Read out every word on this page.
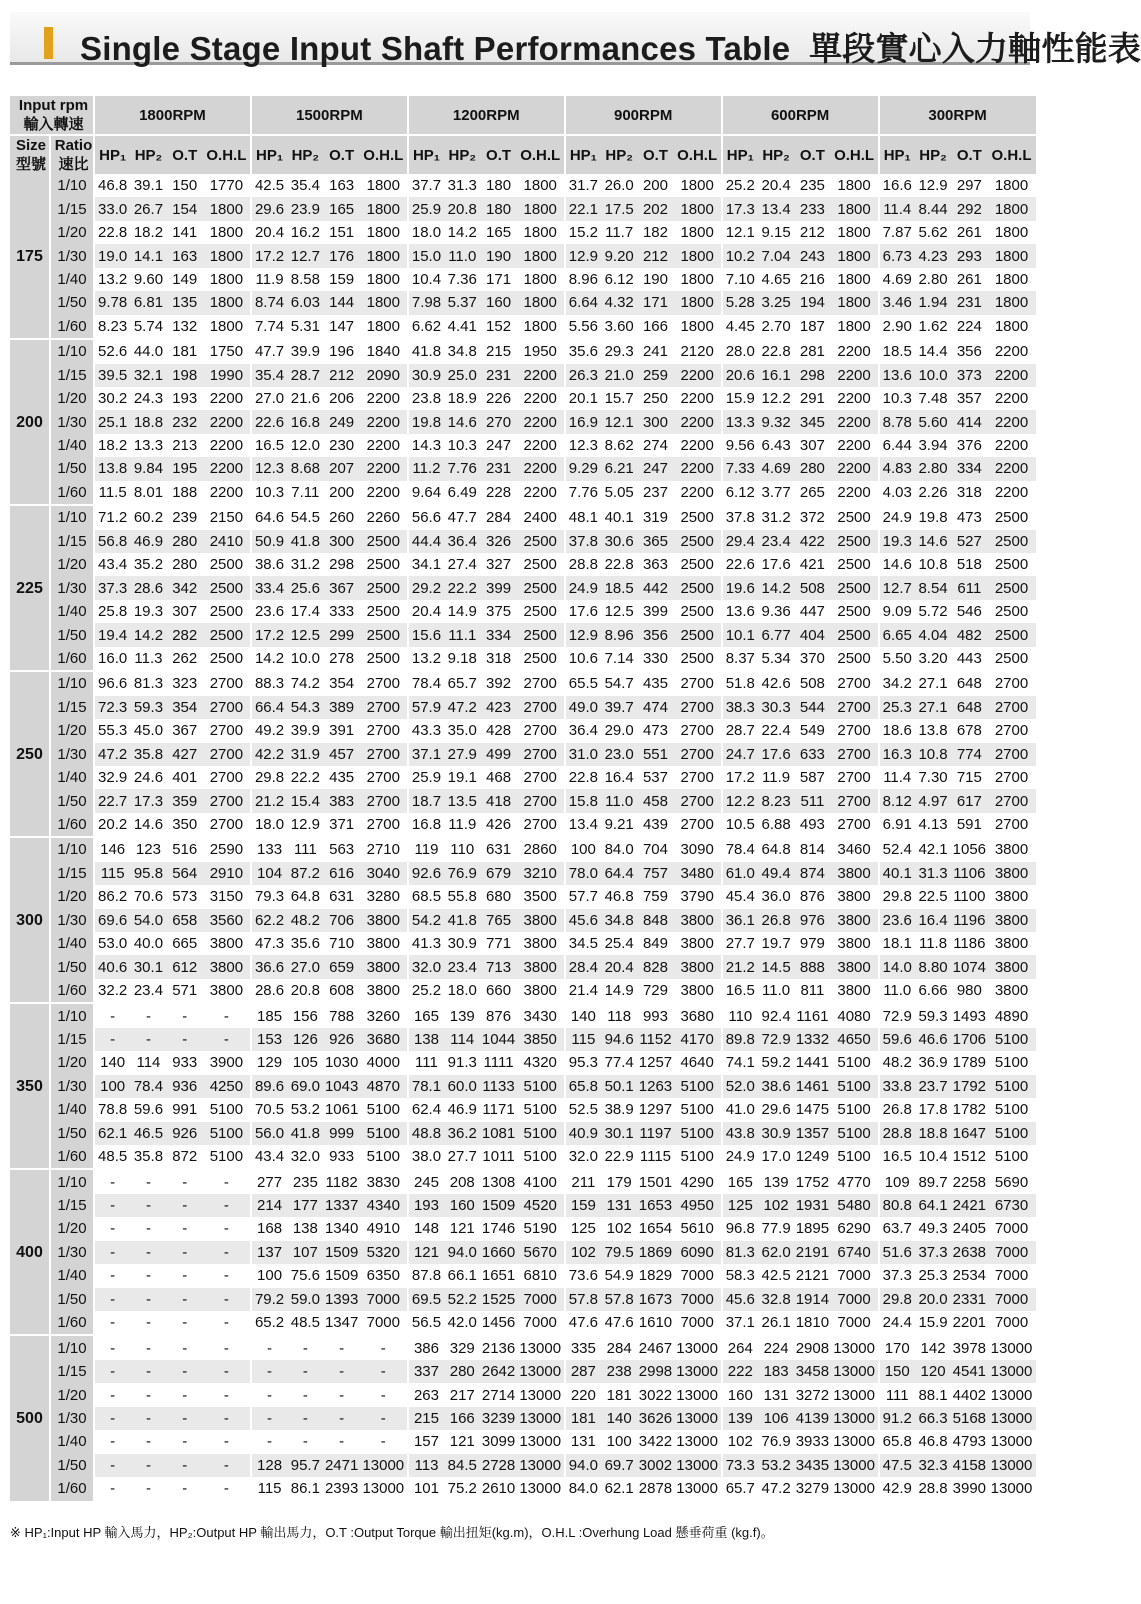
Single Stage Input Shaft Performances Table 單段實心入力軸性能表
Input rpm
輸入轉速		1800RPM				1500RPM				1200RPM				900RPM				600RPM				300RPM			
Size
型號	Ratio
速比	HP₁	HP₂	O.T	O.H.L	HP₁	HP₂	O.T	O.H.L	HP₁	HP₂	O.T	O.H.L	HP₁	HP₂	O.T	O.H.L	HP₁	HP₂	O.T	O.H.L	HP₁	HP₂	O.T	O.H.L
175	1/10	46.8	39.1	150	1770	42.5	35.4	163	1800	37.7	31.3	180	1800	31.7	26.0	200	1800	25.2	20.4	235	1800	16.6	12.9	297	1800
	1/15	33.0	26.7	154	1800	29.6	23.9	165	1800	25.9	20.8	180	1800	22.1	17.5	202	1800	17.3	13.4	233	1800	11.4	8.44	292	1800
	1/20	22.8	18.2	141	1800	20.4	16.2	151	1800	18.0	14.2	165	1800	15.2	11.7	182	1800	12.1	9.15	212	1800	7.87	5.62	261	1800
	1/30	19.0	14.1	163	1800	17.2	12.7	176	1800	15.0	11.0	190	1800	12.9	9.20	212	1800	10.2	7.04	243	1800	6.73	4.23	293	1800
	1/40	13.2	9.60	149	1800	11.9	8.58	159	1800	10.4	7.36	171	1800	8.96	6.12	190	1800	7.10	4.65	216	1800	4.69	2.80	261	1800
	1/50	9.78	6.81	135	1800	8.74	6.03	144	1800	7.98	5.37	160	1800	6.64	4.32	171	1800	5.28	3.25	194	1800	3.46	1.94	231	1800
	1/60	8.23	5.74	132	1800	7.74	5.31	147	1800	6.62	4.41	152	1800	5.56	3.60	166	1800	4.45	2.70	187	1800	2.90	1.62	224	1800
200	1/10	52.6	44.0	181	1750	47.7	39.9	196	1840	41.8	34.8	215	1950	35.6	29.3	241	2120	28.0	22.8	281	2200	18.5	14.4	356	2200
	1/15	39.5	32.1	198	1990	35.4	28.7	212	2090	30.9	25.0	231	2200	26.3	21.0	259	2200	20.6	16.1	298	2200	13.6	10.0	373	2200
	1/20	30.2	24.3	193	2200	27.0	21.6	206	2200	23.8	18.9	226	2200	20.1	15.7	250	2200	15.9	12.2	291	2200	10.3	7.48	357	2200
	1/30	25.1	18.8	232	2200	22.6	16.8	249	2200	19.8	14.6	270	2200	16.9	12.1	300	2200	13.3	9.32	345	2200	8.78	5.60	414	2200
	1/40	18.2	13.3	213	2200	16.5	12.0	230	2200	14.3	10.3	247	2200	12.3	8.62	274	2200	9.56	6.43	307	2200	6.44	3.94	376	2200
	1/50	13.8	9.84	195	2200	12.3	8.68	207	2200	11.2	7.76	231	2200	9.29	6.21	247	2200	7.33	4.69	280	2200	4.83	2.80	334	2200
	1/60	11.5	8.01	188	2200	10.3	7.11	200	2200	9.64	6.49	228	2200	7.76	5.05	237	2200	6.12	3.77	265	2200	4.03	2.26	318	2200
225	1/10	71.2	60.2	239	2150	64.6	54.5	260	2260	56.6	47.7	284	2400	48.1	40.1	319	2500	37.8	31.2	372	2500	24.9	19.8	473	2500
	1/15	56.8	46.9	280	2410	50.9	41.8	300	2500	44.4	36.4	326	2500	37.8	30.6	365	2500	29.4	23.4	422	2500	19.3	14.6	527	2500
	1/20	43.4	35.2	280	2500	38.6	31.2	298	2500	34.1	27.4	327	2500	28.8	22.8	363	2500	22.6	17.6	421	2500	14.6	10.8	518	2500
	1/30	37.3	28.6	342	2500	33.4	25.6	367	2500	29.2	22.2	399	2500	24.9	18.5	442	2500	19.6	14.2	508	2500	12.7	8.54	611	2500
	1/40	25.8	19.3	307	2500	23.6	17.4	333	2500	20.4	14.9	375	2500	17.6	12.5	399	2500	13.6	9.36	447	2500	9.09	5.72	546	2500
	1/50	19.4	14.2	282	2500	17.2	12.5	299	2500	15.6	11.1	334	2500	12.9	8.96	356	2500	10.1	6.77	404	2500	6.65	4.04	482	2500
	1/60	16.0	11.3	262	2500	14.2	10.0	278	2500	13.2	9.18	318	2500	10.6	7.14	330	2500	8.37	5.34	370	2500	5.50	3.20	443	2500
250	1/10	96.6	81.3	323	2700	88.3	74.2	354	2700	78.4	65.7	392	2700	65.5	54.7	435	2700	51.8	42.6	508	2700	34.2	27.1	648	2700
	1/15	72.3	59.3	354	2700	66.4	54.3	389	2700	57.9	47.2	423	2700	49.0	39.7	474	2700	38.3	30.3	544	2700	25.3	27.1	648	2700
	1/20	55.3	45.0	367	2700	49.2	39.9	391	2700	43.3	35.0	428	2700	36.4	29.0	473	2700	28.7	22.4	549	2700	18.6	13.8	678	2700
	1/30	47.2	35.8	427	2700	42.2	31.9	457	2700	37.1	27.9	499	2700	31.0	23.0	551	2700	24.7	17.6	633	2700	16.3	10.8	774	2700
	1/40	32.9	24.6	401	2700	29.8	22.2	435	2700	25.9	19.1	468	2700	22.8	16.4	537	2700	17.2	11.9	587	2700	11.4	7.30	715	2700
	1/50	22.7	17.3	359	2700	21.2	15.4	383	2700	18.7	13.5	418	2700	15.8	11.0	458	2700	12.2	8.23	511	2700	8.12	4.97	617	2700
	1/60	20.2	14.6	350	2700	18.0	12.9	371	2700	16.8	11.9	426	2700	13.4	9.21	439	2700	10.5	6.88	493	2700	6.91	4.13	591	2700
300	1/10	146	123	516	2590	133	111	563	2710	119	110	631	2860	100	84.0	704	3090	78.4	64.8	814	3460	52.4	42.1	1056	3800
	1/15	115	95.8	564	2910	104	87.2	616	3040	92.6	76.9	679	3210	78.0	64.4	757	3480	61.0	49.4	874	3800	40.1	31.3	1106	3800
	1/20	86.2	70.6	573	3150	79.3	64.8	631	3280	68.5	55.8	680	3500	57.7	46.8	759	3790	45.4	36.0	876	3800	29.8	22.5	1100	3800
	1/30	69.6	54.0	658	3560	62.2	48.2	706	3800	54.2	41.8	765	3800	45.6	34.8	848	3800	36.1	26.8	976	3800	23.6	16.4	1196	3800
	1/40	53.0	40.0	665	3800	47.3	35.6	710	3800	41.3	30.9	771	3800	34.5	25.4	849	3800	27.7	19.7	979	3800	18.1	11.8	1186	3800
	1/50	40.6	30.1	612	3800	36.6	27.0	659	3800	32.0	23.4	713	3800	28.4	20.4	828	3800	21.2	14.5	888	3800	14.0	8.80	1074	3800
	1/60	32.2	23.4	571	3800	28.6	20.8	608	3800	25.2	18.0	660	3800	21.4	14.9	729	3800	16.5	11.0	811	3800	11.0	6.66	980	3800
350	1/10	-	-	-	-	185	156	788	3260	165	139	876	3430	140	118	993	3680	110	92.4	1161	4080	72.9	59.3	1493	4890
	1/15	-	-	-	-	153	126	926	3680	138	114	1044	3850	115	94.6	1152	4170	89.8	72.9	1332	4650	59.6	46.6	1706	5100
	1/20	140	114	933	3900	129	105	1030	4000	111	91.3	1111	4320	95.3	77.4	1257	4640	74.1	59.2	1441	5100	48.2	36.9	1789	5100
	1/30	100	78.4	936	4250	89.6	69.0	1043	4870	78.1	60.0	1133	5100	65.8	50.1	1263	5100	52.0	38.6	1461	5100	33.8	23.7	1792	5100
	1/40	78.8	59.6	991	5100	70.5	53.2	1061	5100	62.4	46.9	1171	5100	52.5	38.9	1297	5100	41.0	29.6	1475	5100	26.8	17.8	1782	5100
	1/50	62.1	46.5	926	5100	56.0	41.8	999	5100	48.8	36.2	1081	5100	40.9	30.1	1197	5100	43.8	30.9	1357	5100	28.8	18.8	1647	5100
	1/60	48.5	35.8	872	5100	43.4	32.0	933	5100	38.0	27.7	1011	5100	32.0	22.9	1115	5100	24.9	17.0	1249	5100	16.5	10.4	1512	5100
400	1/10	-	-	-	-	277	235	1182	3830	245	208	1308	4100	211	179	1501	4290	165	139	1752	4770	109	89.7	2258	5690
	1/15	-	-	-	-	214	177	1337	4340	193	160	1509	4520	159	131	1653	4950	125	102	1931	5480	80.8	64.1	2421	6730
	1/20	-	-	-	-	168	138	1340	4910	148	121	1746	5190	125	102	1654	5610	96.8	77.9	1895	6290	63.7	49.3	2405	7000
	1/30	-	-	-	-	137	107	1509	5320	121	94.0	1660	5670	102	79.5	1869	6090	81.3	62.0	2191	6740	51.6	37.3	2638	7000
	1/40	-	-	-	-	100	75.6	1509	6350	87.8	66.1	1651	6810	73.6	54.9	1829	7000	58.3	42.5	2121	7000	37.3	25.3	2534	7000
	1/50	-	-	-	-	79.2	59.0	1393	7000	69.5	52.2	1525	7000	57.8	57.8	1673	7000	45.6	32.8	1914	7000	29.8	20.0	2331	7000
	1/60	-	-	-	-	65.2	48.5	1347	7000	56.5	42.0	1456	7000	47.6	47.6	1610	7000	37.1	26.1	1810	7000	24.4	15.9	2201	7000
500	1/10	-	-	-	-	-	-	-	-	386	329	2136	13000	335	284	2467	13000	264	224	2908	13000	170	142	3978	13000
	1/15	-	-	-	-	-	-	-	-	337	280	2642	13000	287	238	2998	13000	222	183	3458	13000	150	120	4541	13000
	1/20	-	-	-	-	-	-	-	-	263	217	2714	13000	220	181	3022	13000	160	131	3272	13000	111	88.1	4402	13000
	1/30	-	-	-	-	-	-	-	-	215	166	3239	13000	181	140	3626	13000	139	106	4139	13000	91.2	66.3	5168	13000
	1/40	-	-	-	-	-	-	-	-	157	121	3099	13000	131	100	3422	13000	102	76.9	3933	13000	65.8	46.8	4793	13000
	1/50	-	-	-	-	128	95.7	2471	13000	113	84.5	2728	13000	94.0	69.7	3002	13000	73.3	53.2	3435	13000	47.5	32.3	4158	13000
	1/60	-	-	-	-	115	86.1	2393	13000	101	75.2	2610	13000	84.0	62.1	2878	13000	65.7	47.2	3279	13000	42.9	28.8	3990	13000
※ HP₁:Input HP 輸入馬力，HP₂:Output HP 輸出馬力，O.T :Output Torque 輸出扭矩(kg.m)，O.H.L :Overhung Load 懸垂荷重 (kg.f)。
